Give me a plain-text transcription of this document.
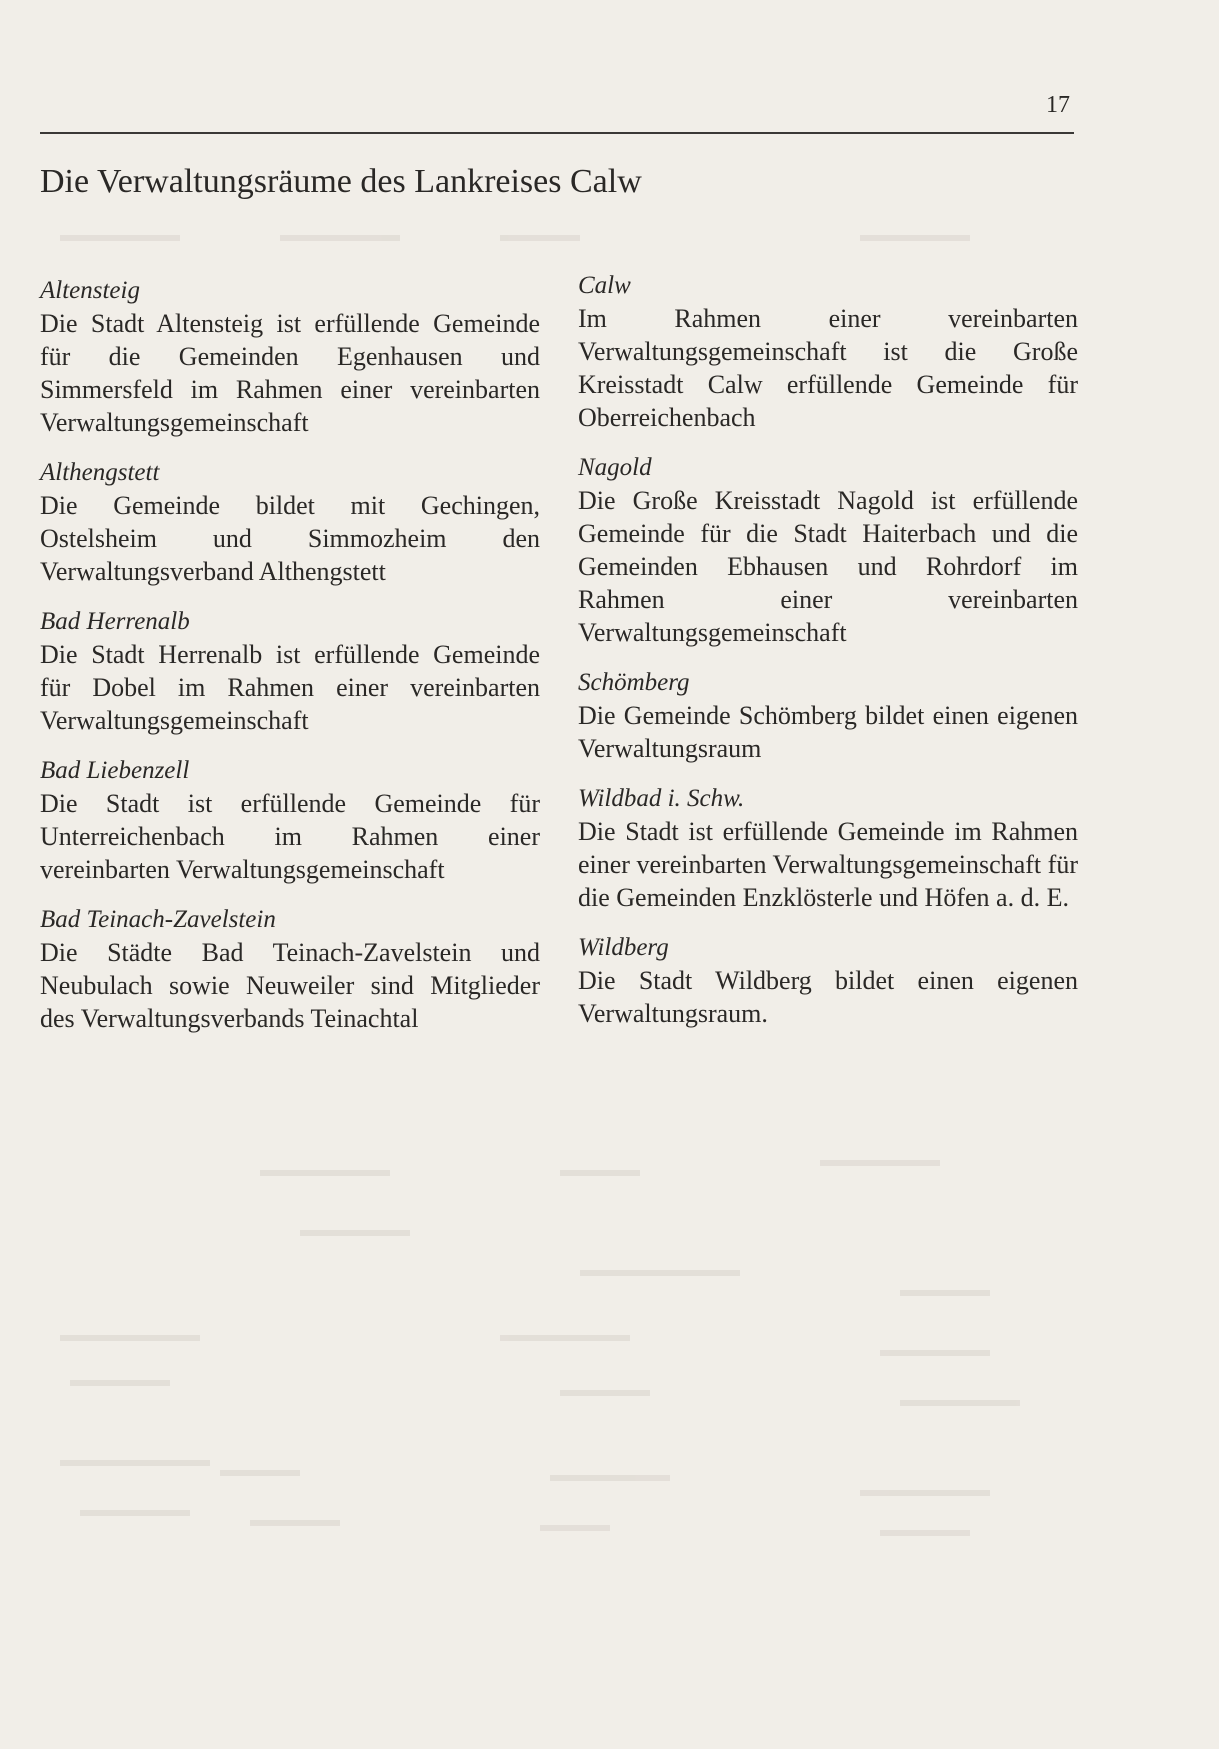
17
Die Verwaltungsräume des Lankreises Calw
Altensteig
Die Stadt Altensteig ist erfüllende Gemeinde für die Gemeinden Egenhausen und Simmersfeld im Rahmen einer vereinbarten Verwaltungsgemeinschaft
Althengstett
Die Gemeinde bildet mit Gechingen, Ostelsheim und Simmozheim den Verwaltungsverband Althengstett
Bad Herrenalb
Die Stadt Herrenalb ist erfüllende Gemeinde für Dobel im Rahmen einer vereinbarten Verwaltungsgemeinschaft
Bad Liebenzell
Die Stadt ist erfüllende Gemeinde für Unterreichenbach im Rahmen einer vereinbarten Verwaltungsgemeinschaft
Bad Teinach-Zavelstein
Die Städte Bad Teinach-Zavelstein und Neubulach sowie Neuweiler sind Mitglieder des Verwaltungsverbands Teinachtal
Calw
Im Rahmen einer vereinbarten Verwaltungsgemeinschaft ist die Große Kreisstadt Calw erfüllende Gemeinde für Oberreichenbach
Nagold
Die Große Kreisstadt Nagold ist erfüllende Gemeinde für die Stadt Haiterbach und die Gemeinden Ebhausen und Rohrdorf im Rahmen einer vereinbarten Verwaltungsgemeinschaft
Schömberg
Die Gemeinde Schömberg bildet einen eigenen Verwaltungsraum
Wildbad i. Schw.
Die Stadt ist erfüllende Gemeinde im Rahmen einer vereinbarten Verwaltungsgemeinschaft für die Gemeinden Enzklösterle und Höfen a. d. E.
Wildberg
Die Stadt Wildberg bildet einen eigenen Verwaltungsraum.
